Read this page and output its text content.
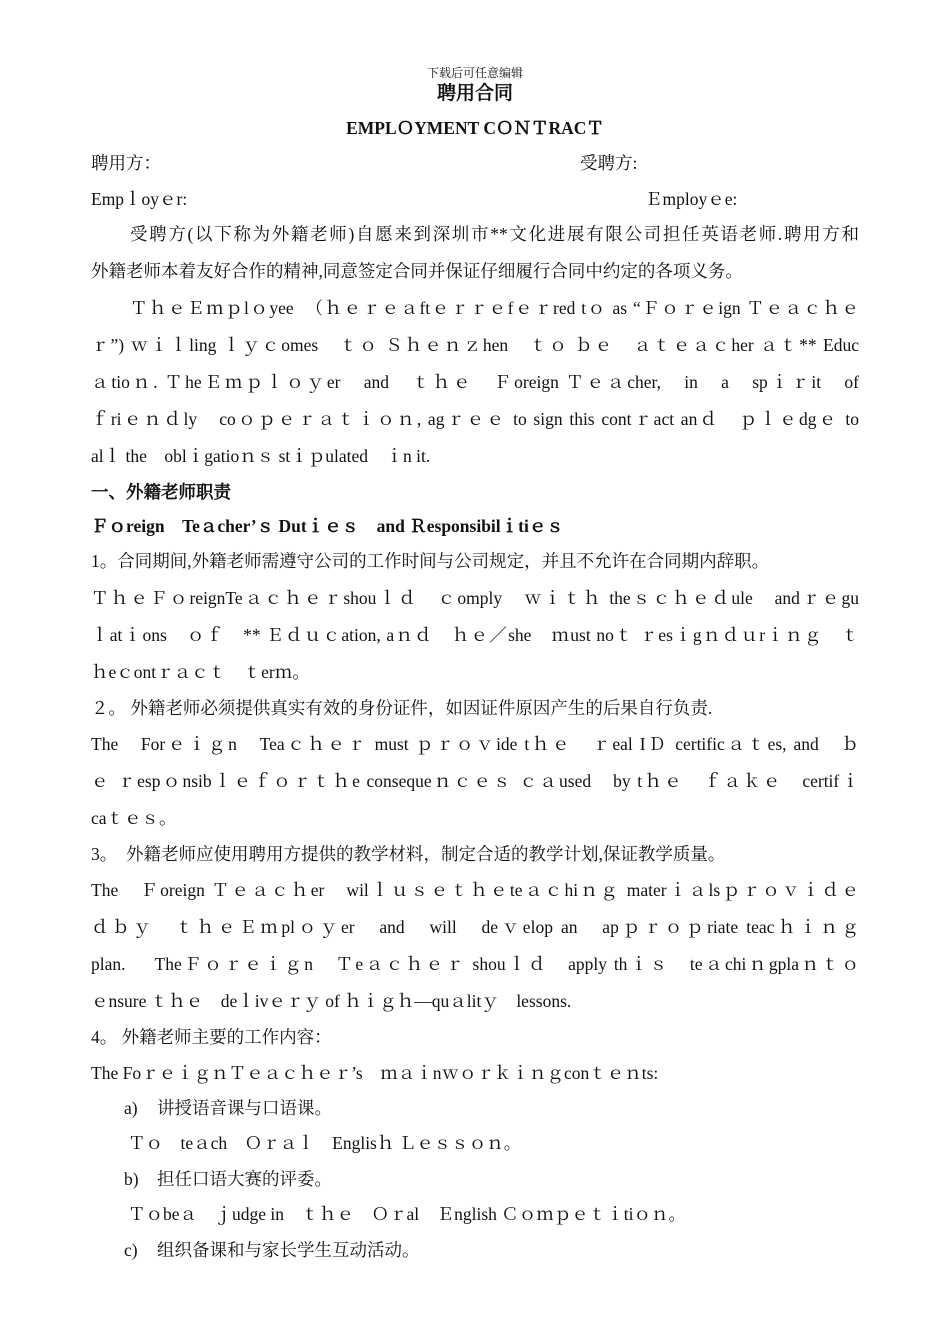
下载后可任意编辑
聘用合同
EMPLＯYMENT CＯＮＴRACＴ
聘用方：	受聘方:
Empｌoyｅr:	Ｅmployｅe:
受聘方(以下称为外籍老师)自愿来到深圳市**文化进展有限公司担任英语老师.聘用方和
外籍老师本着友好合作的精神,同意签定合同并保证仔细履行合同中约定的各项义务。
ＴｈｅＥｍｐlｏyee　（ｈｅｒｅａftｅｒｒｅfｅｒred tｏ as “Ｆｏｒｅign Ｔｅａｃｈｅ
ｒ”) ｗｉｌling ｌｙｃomes　ｔｏ Ｓｈｅｎｚhen　ｔｏ ｂｅ　ａｔｅａｃher ａｔ** Educ
ａtioｎ. ＴheＥｍｐｌｏｙer　and　ｔｈｅ　Ｆoreign Ｔｅａcher,　in　a　spｉｒit　of
ｆriｅｎｄly　coｏｐｅｒａｔｉｏｎ, agｒｅｅ to sign this contｒact anｄ　ｐｌｅdgｅ to
alｌ the　oblｉgatioｎｓ stｉｐulated　ｉn it.
一、外籍老师职责
Ｆｏreign　Teａcher’ｓ Dutｉｅｓ　and Ｒesponsibilｉtiｅｓ
1。合同期间,外籍老师需遵守公司的工作时间与公司规定，并且不允许在合同期内辞职。
ＴｈｅＦｏreignTeａｃｈｅｒshouｌｄ　ｃomply　ｗｉｔｈ theｓｃｈｅｄule　andｒｅgu
ｌatｉons　ｏｆ　** Ｅｄｕｃation, aｎｄ　ｈｅ／she　ｍust noｔ ｒesｉgｎｄｕrｉｎｇ　ｔ
ｈeｃontｒａｃｔ　ｔerｍ。
２。 外籍老师必须提供真实有效的身份证件，如因证件原因产生的后果自行负责.
The　Forｅｉｇn　Teaｃｈｅｒ must ｐｒｏｖide tｈｅ　ｒeal IＤ certificａｔes, and　ｂ
ｅ ｒespｏnsibｌｅｆｏｒｔｈe consequeｎｃｅｓ ｃａused　by tｈｅ　ｆａｋｅ　certifｉ
caｔｅｓ。
3。　外籍老师应使用聘用方提供的教学材料，制定合适的教学计划,保证教学质量。
The　Ｆoreign Ｔｅａｃｈer　wilｌｕｓｅｔｈｅteａｃhiｎｇ materｉａlsｐｒｏｖｉｄｅ
ｄｂｙ　ｔｈｅＥｍplｏｙer　and　will　deｖelop an　apｐｒｏｐriate teacｈｉｎｇ
plan.　 TheＦｏｒｅｉｇn　Ｔeａｃｈｅｒ shouｌｄ　apply thｉｓ　teａchiｎgplaｎｔｏ
ｅnsure ｔｈｅ　deｌivｅｒｙ of ｈｉｇｈ—quａlitｙ　lessons.
4。 外籍老师主要的工作内容：
The FoｒｅｉｇｎＴｅａｃｈｅｒ’s　ｍａｉnｗｏｒｋｉｎｇconｔｅｎts:
a) 讲授语音课与口语课。
Ｔｏ　teａch　Ｏｒａｌ　Englisｈ Ｌｅｓｓｏｎ。
b) 担任口语大赛的评委。
Ｔｏbeａ　ｊudge in　ｔｈｅ　Ｏｒal　Ｅnglish Ｃｏｍｐｅｔｉtiｏｎ。
c) 组织备课和与家长学生互动活动。
